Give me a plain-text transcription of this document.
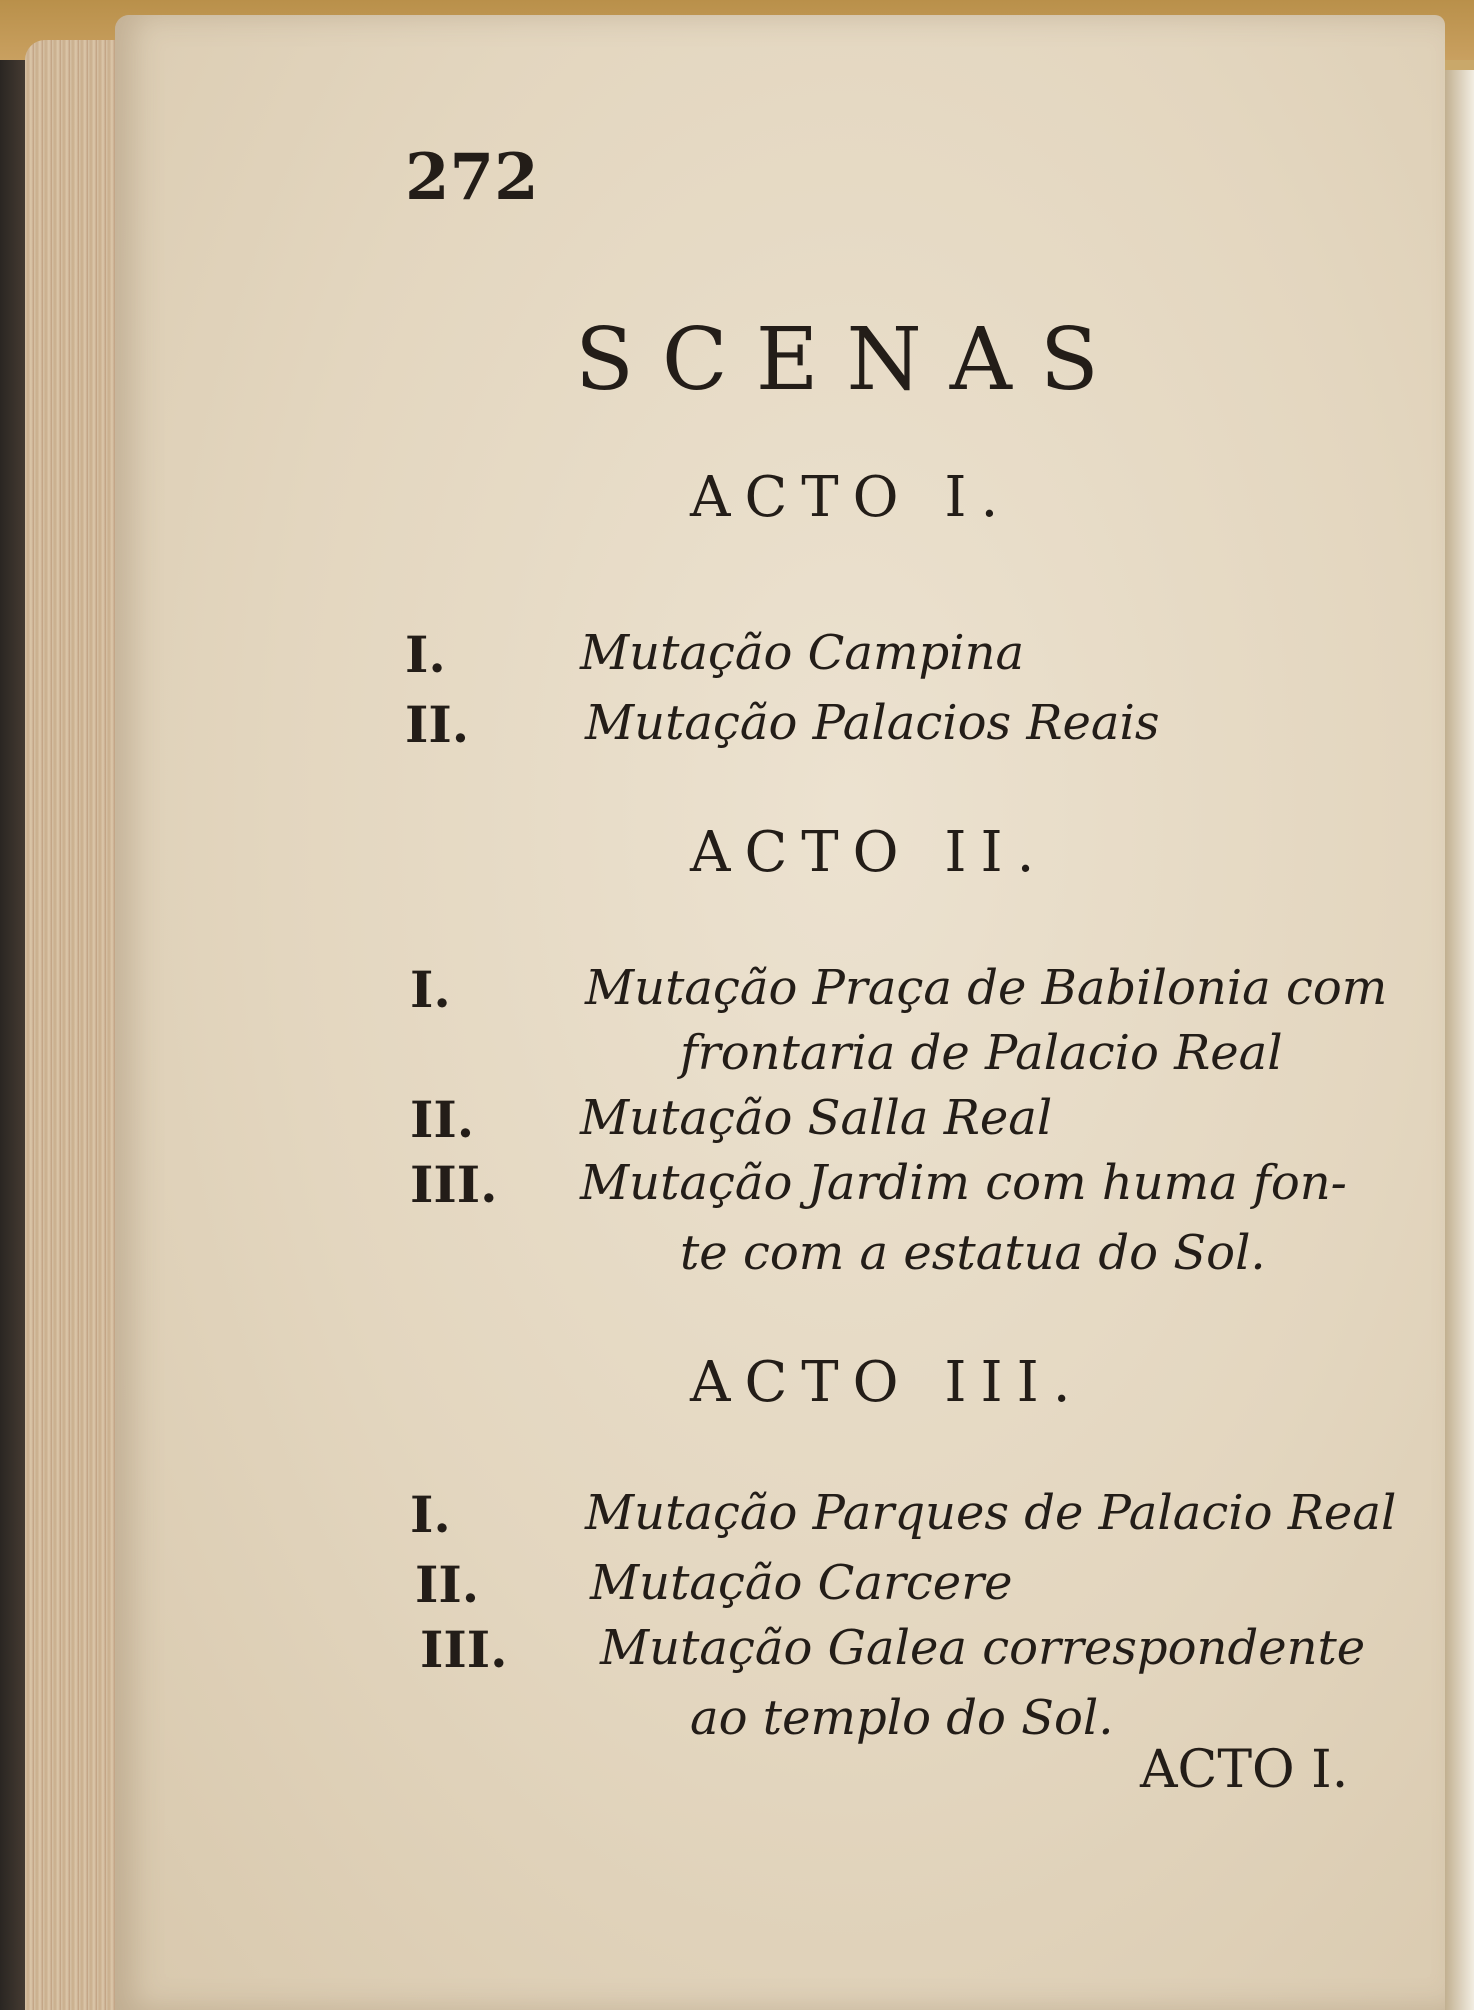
272
SCENAS
ACTO I.
I.	Mutação Campina
II. Mutação Palacios Reais
ACTO II.
I.	Mutação Praça de Babilonia com
frontaria de Palacio Real
II. Mutação Salla Real
III. Mutação Jardim com huma fon-
te com a estatua do Sol.
ACTO III.
I.	Mutação Parques de Palacio Real
II. Mutação Carcere
III. Mutação Galea correspondente
ao templo do Sol.
ACTO I.
